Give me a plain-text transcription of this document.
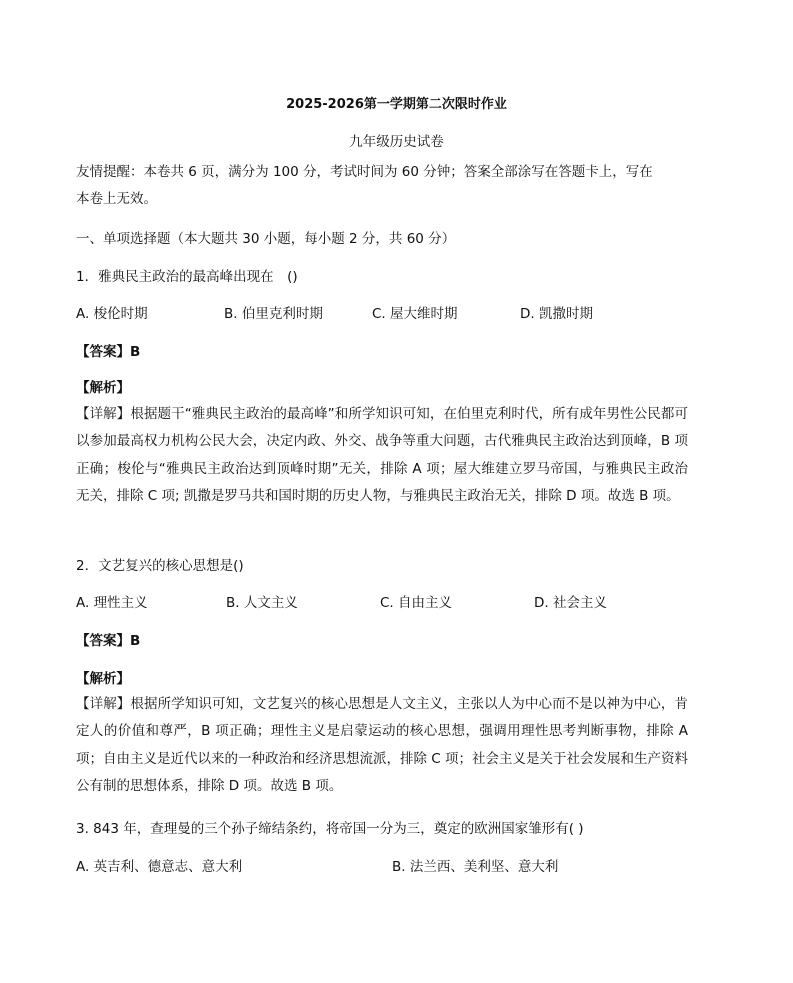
2025-2026第一学期第二次限时作业
九年级历史试卷
友情提醒：本卷共 6 页，满分为 100 分，考试时间为 60 分钟；答案全部涂写在答题卡上，写在
本卷上无效。
一、单项选择题（本大题共 30 小题，每小题 2 分，共 60 分）
1．雅典民主政治的最高峰出现在　()
A. 梭伦时期	B. 伯里克利时期	C. 屋大维时期	D. 凯撒时期
【答案】B
【解析】
【详解】根据题干“雅典民主政治的最高峰”和所学知识可知，在伯里克利时代，所有成年男性公民都可以参加最高权力机构公民大会，决定内政、外交、战争等重大问题，古代雅典民主政治达到顶峰，B 项正确；梭伦与“雅典民主政治达到顶峰时期”无关，排除 A 项；屋大维建立罗马帝国，与雅典民主政治无关，排除 C 项; 凯撒是罗马共和国时期的历史人物，与雅典民主政治无关，排除 D 项。故选 B 项。
2．文艺复兴的核心思想是()
A. 理性主义	B. 人文主义	C. 自由主义	D. 社会主义
【答案】B
【解析】
【详解】根据所学知识可知，文艺复兴的核心思想是人文主义，主张以人为中心而不是以神为中心，肯定人的价值和尊严，B 项正确；理性主义是启蒙运动的核心思想，强调用理性思考判断事物，排除 A 项；自由主义是近代以来的一种政治和经济思想流派，排除 C 项；社会主义是关于社会发展和生产资料公有制的思想体系，排除 D 项。故选 B 项。
3. 843 年，查理曼的三个孙子缔结条约，将帝国一分为三，奠定的欧洲国家雏形有( )
A. 英吉利、德意志、意大利	B. 法兰西、美利坚、意大利
